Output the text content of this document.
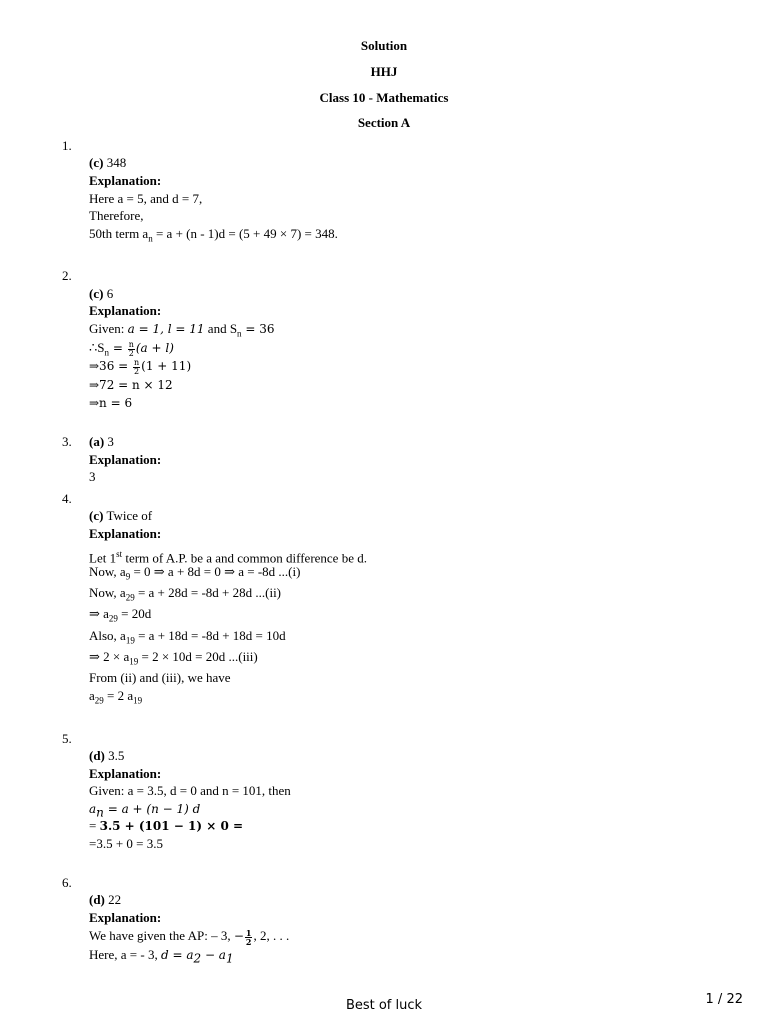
Solution
HHJ
Class 10 - Mathematics
Section A
1.
(c) 348
Explanation:
Here a = 5, and d = 7,
Therefore,
50th term $a_n = a + (n - 1)d = (5 + 49 \times 7) = 348$.
2.
(c) 6
Explanation:
Given: a = 1, l = 11 and $S_n = 36$
$\therefore S_n = \frac{n}{2} (a + l)$
⇒36 = $\frac{n}{2} (1 + 11)$
⇒72 = n × 12
⇒n = 6
3. (a) 3
Explanation:
3
4.
(c) Twice of
Explanation:
Let 1st term of A.P. be a and common difference be d.
Now, $a_9 = 0$ ⇒ a + 8d = 0 ⇒ a = -8d ...(i)
Now, $a_{29} = a + 28d = -8d + 28d$ ...(ii)
⇒ $a_{29} = 20d$
Also, $a_{19} = a + 18d = -8d + 18d = 10d$
⇒ $2 \times a_{19} = 2 \times 10d = 20d$ ...(iii)
From (ii) and (iii), we have
$a_{29} = 2$ $a_{19}$
5.
(d) 3.5
Explanation:
Given: a = 3.5, d = 0 and n = 101, then
$a_n = a + (n - 1)$ d
= 3.5 + (101 − 1) × 0 =
=3.5 + 0 = 3.5
6.
(d) 22
Explanation:
We have given the AP: – 3, − $\frac{1}{2}$ , 2, . . .
Here, a = - 3, $d = a_2 - a_1$
Best of luck	1 / 22
